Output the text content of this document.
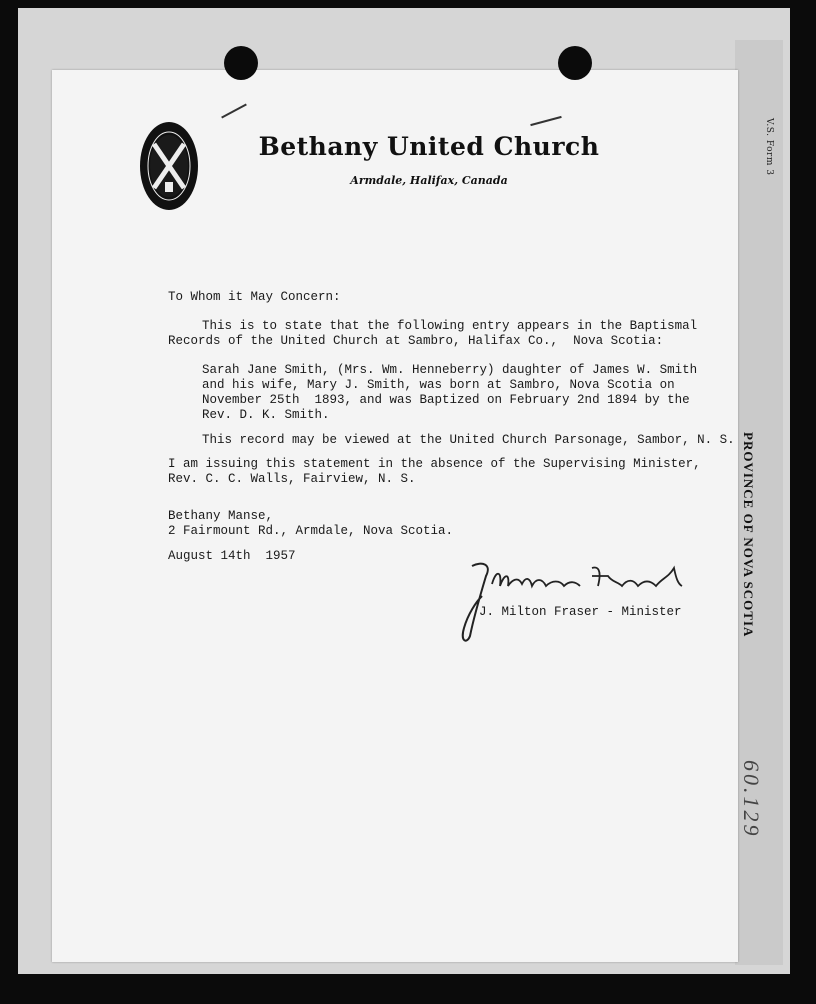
V.S. Form 3
PROVINCE OF NOVA SCOTIA
60.129
Bethany United Church
Armdale, Halifax, Canada
To Whom it May Concern:
This is to state that the following entry appears in the Baptismal
Records of the United Church at Sambro, Halifax Co.,  Nova Scotia:
Sarah Jane Smith, (Mrs. Wm. Henneberry) daughter of James W. Smith
and his wife, Mary J. Smith, was born at Sambro, Nova Scotia on
November 25th  1893, and was Baptized on February 2nd 1894 by the
Rev. D. K. Smith.
This record may be viewed at the United Church Parsonage, Sambor, N. S.
I am issuing this statement in the absence of the Supervising Minister,
Rev. C. C. Walls, Fairview, N. S.
Bethany Manse,
2 Fairmount Rd., Armdale, Nova Scotia.
August 14th  1957
J. Milton Fraser - Minister
